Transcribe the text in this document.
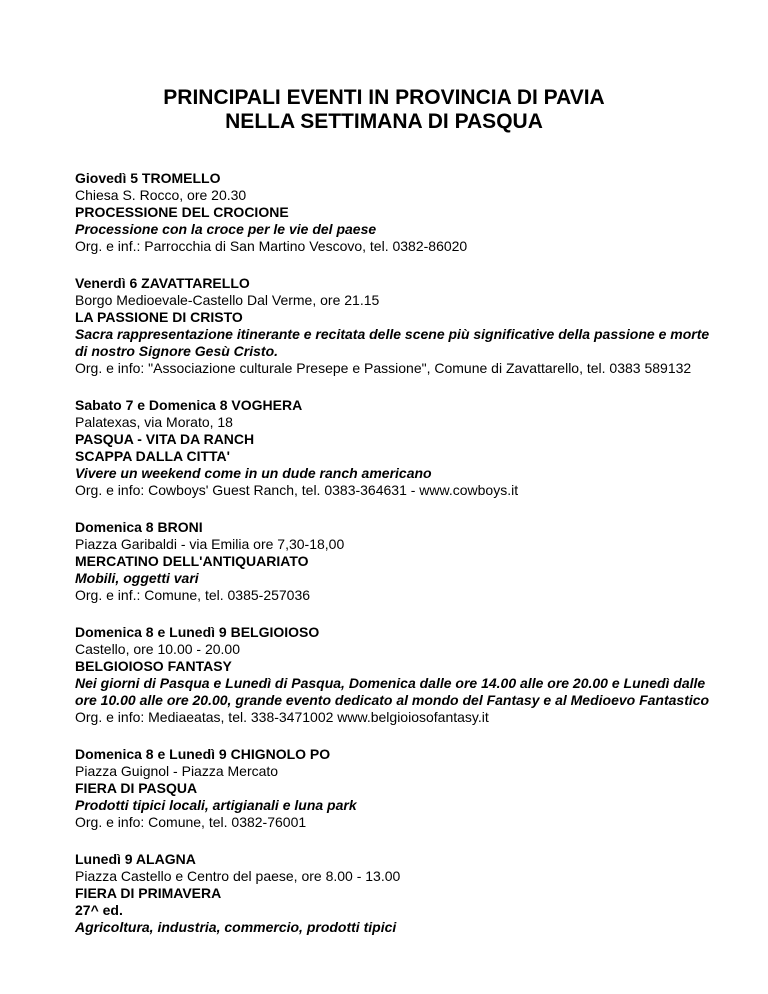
PRINCIPALI EVENTI IN PROVINCIA DI PAVIA
NELLA SETTIMANA DI PASQUA
Giovedì 5 TROMELLO
Chiesa S. Rocco, ore 20.30
PROCESSIONE DEL CROCIONE
Processione con la croce per le vie del paese
Org. e inf.: Parrocchia di San Martino Vescovo, tel. 0382-86020
Venerdì 6 ZAVATTARELLO
Borgo Medioevale-Castello Dal Verme, ore 21.15
LA PASSIONE DI CRISTO
Sacra rappresentazione itinerante e recitata delle scene più significative della passione e morte di nostro Signore Gesù Cristo.
Org. e info: "Associazione culturale Presepe e Passione", Comune di Zavattarello, tel. 0383 589132
Sabato 7 e Domenica 8 VOGHERA
Palatexas, via Morato, 18
PASQUA - VITA DA RANCH
SCAPPA DALLA CITTA'
Vivere un weekend come in un dude ranch americano
Org. e info: Cowboys' Guest Ranch, tel. 0383-364631 - www.cowboys.it
Domenica 8 BRONI
Piazza Garibaldi - via Emilia ore 7,30-18,00
MERCATINO DELL'ANTIQUARIATO
Mobili, oggetti vari
Org. e inf.: Comune, tel. 0385-257036
Domenica 8 e Lunedì 9 BELGIOIOSO
Castello, ore 10.00 - 20.00
BELGIOIOSO FANTASY
Nei giorni di Pasqua e Lunedì di Pasqua, Domenica dalle ore 14.00 alle ore 20.00 e Lunedì dalle ore 10.00 alle ore 20.00, grande evento dedicato al mondo del Fantasy e al Medioevo Fantastico
Org. e info: Mediaeatas, tel. 338-3471002 www.belgioiosofantasy.it
Domenica 8 e Lunedì 9 CHIGNOLO PO
Piazza Guignol - Piazza Mercato
FIERA DI PASQUA
Prodotti tipici locali, artigianali e luna park
Org. e info: Comune, tel. 0382-76001
Lunedì 9 ALAGNA
Piazza Castello e Centro del paese, ore 8.00 - 13.00
FIERA DI PRIMAVERA
27^ ed.
Agricoltura, industria, commercio, prodotti tipici
